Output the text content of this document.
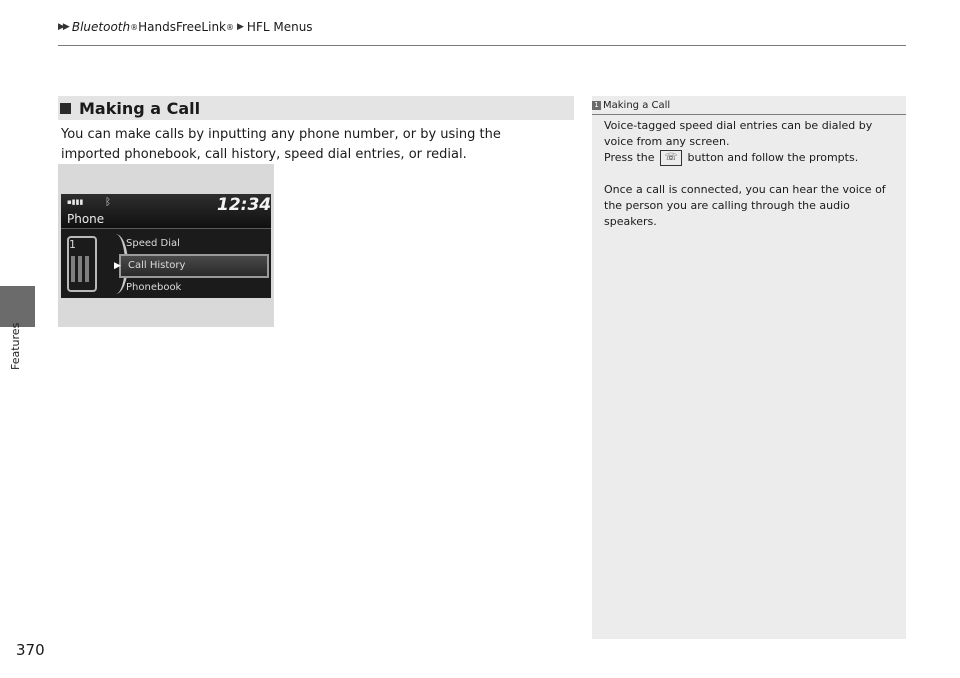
▶▶ Bluetooth ® HandsFreeLink ® ▶ HFL Menus
Features
Making a Call
You can make calls by inputting any phone number, or by using the imported phonebook, call history, speed dial entries, or redial.
▪▮▮▮ ᛒ	12:34
Phone
1	Speed Dial
▶ Call History
Phonebook
1 Making a Call

Voice-tagged speed dial entries can be dialed by voice from any screen.

Press the ☏ button and follow the prompts.

Once a call is connected, you can hear the voice of the person you are calling through the audio speakers.

370
